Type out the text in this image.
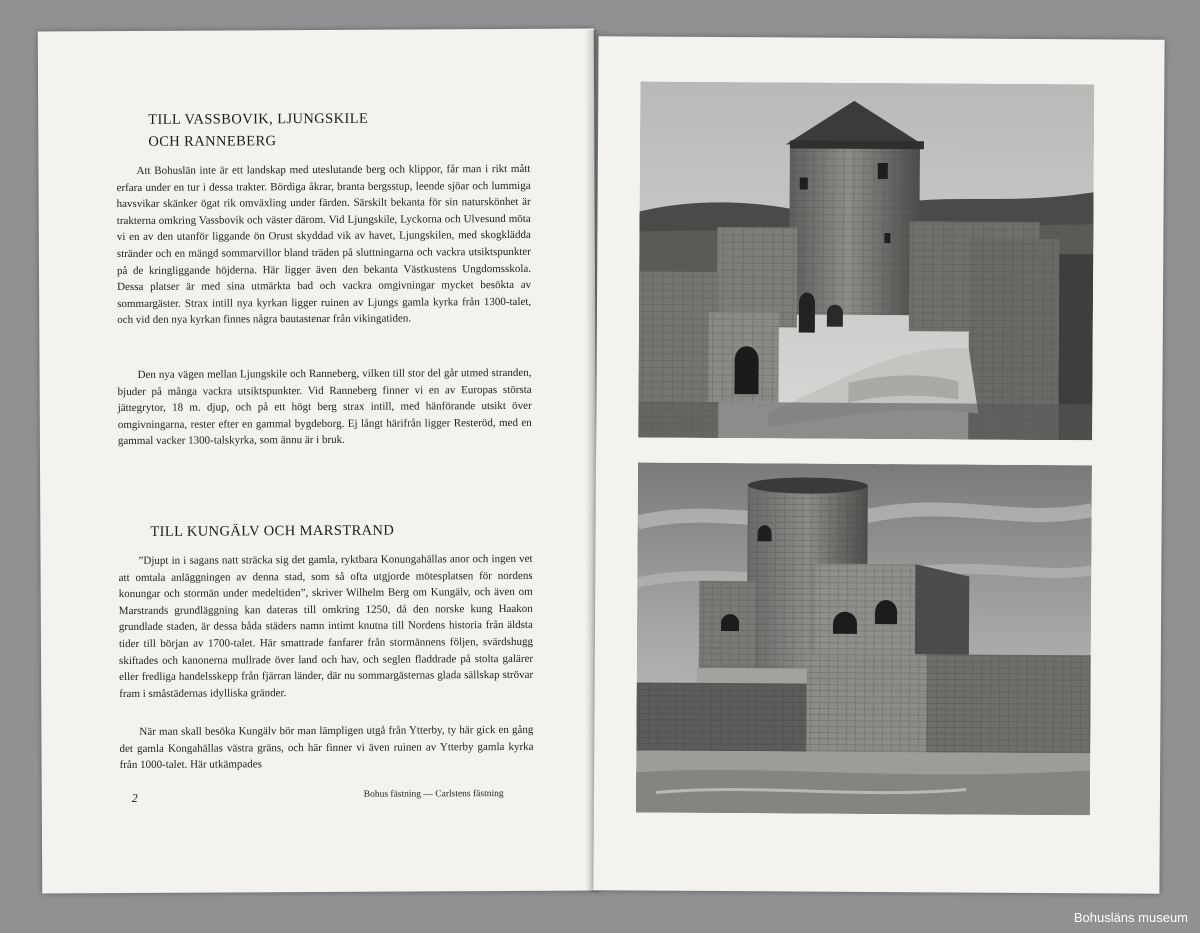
TILL VASSBOVIK, LJUNGSKILE
OCH RANNEBERG

Att Bohuslän inte är ett landskap med uteslutande berg och klippor, får man i rikt mått erfara under en tur i dessa trakter. Bördiga åkrar, branta bergsstup, leende sjöar och lummiga havsvikar skänker ögat rik omväxling under färden. Särskilt bekanta för sin naturskönhet är trakterna omkring Vassbovik och väster därom. Vid Ljungskile, Lyckorna och Ulvesund möta vi en av den utanför liggande ön Orust skyddad vik av havet, Ljungskilen, med skogklädda stränder och en mängd sommarvillor bland träden på sluttningarna och vackra utsiktspunkter på de kringliggande höjderna. Här ligger även den bekanta Västkustens Ungdomsskola. Dessa platser är med sina utmärkta bad och vackra omgivningar mycket besökta av sommargäster. Strax intill nya kyrkan ligger ruinen av Ljungs gamla kyrka från 1300-talet, och vid den nya kyrkan finnes några bautastenar från vikingatiden.

Den nya vägen mellan Ljungskile och Ranneberg, vilken till stor del går utmed stranden, bjuder på många vackra utsiktspunkter. Vid Ranneberg finner vi en av Europas största jättegrytor, 18 m. djup, och på ett högt berg strax intill, med hänförande utsikt över omgivningarna, rester efter en gammal bygdeborg. Ej långt härifrån ligger Resteröd, med en gammal vacker 1300-talskyrka, som ännu är i bruk.

TILL KUNGÄLV OCH MARSTRAND

”Djupt in i sagans natt sträcka sig det gamla, ryktbara Konungahällas anor och ingen vet att omtala anläggningen av denna stad, som så ofta utgjorde mötesplatsen för nordens konungar och stormän under medeltiden”, skriver Wilhelm Berg om Kungälv, och även om Marstrands grundläggning kan dateras till omkring 1250, då den norske kung Haakon grundlade staden, är dessa båda städers namn intimt knutna till Nordens historia från äldsta tider till början av 1700-talet. Här smattrade fanfarer från stormännens följen, svärdshugg skiftades och kanonerna mullrade över land och hav, och seglen fladdrade på stolta galärer eller fredliga handelsskepp från fjärran länder, där nu sommargästernas glada sällskap strövar fram i småstädernas idylliska gränder.

När man skall besöka Kungälv bör man lämpligen utgå från Ytterby, ty här gick en gång det gamla Kongahällas västra gräns, och här finner vi även ruinen av Ytterby gamla kyrka från 1000-talet. Här utkämpades

2	Bohus fästning — Carlstens fästning
Bohusläns museum
